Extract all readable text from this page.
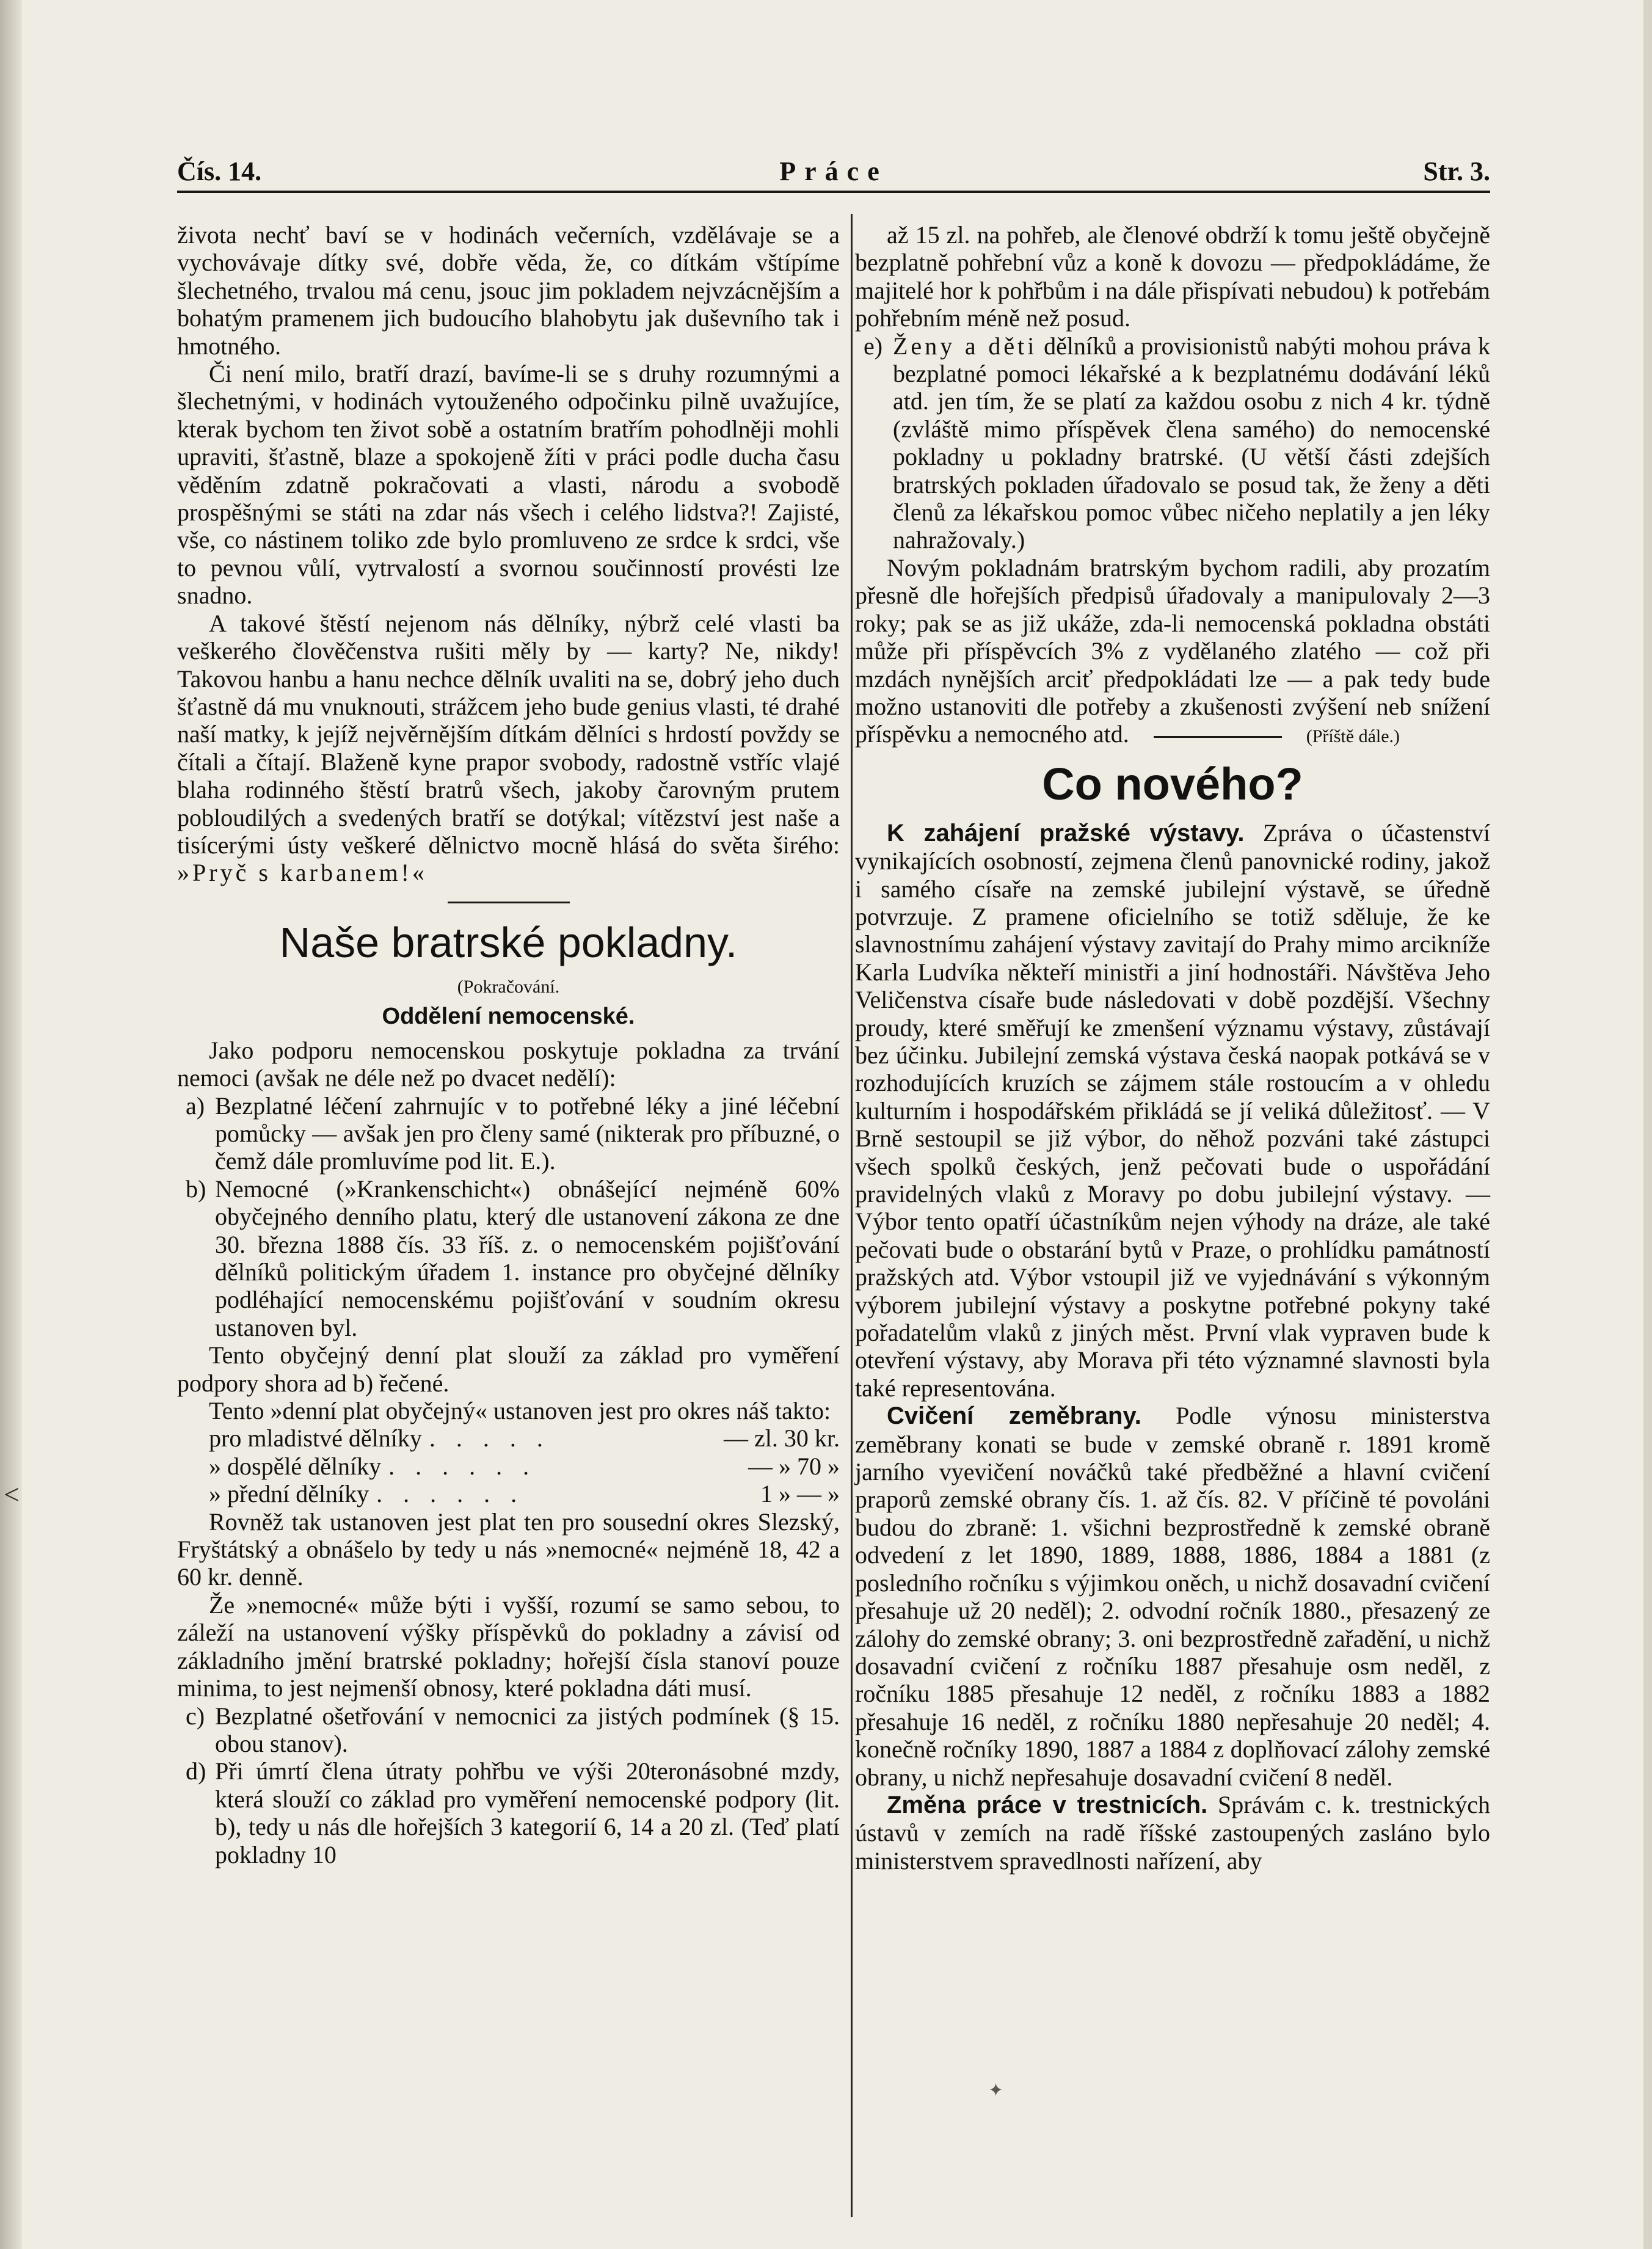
<
Čís. 14.	Práce	Str. 3.

života nechť baví se v hodinách večerních, vzdělávaje se a vychovávaje dítky své, dobře věda, že, co dítkám vštípíme šlechetného, trvalou má cenu, jsouc jim pokladem nejvzácnějším a bohatým pramenem jich budoucího blahobytu jak duševního tak i hmotného.

Či není milo, bratří drazí, bavíme-li se s druhy rozumnými a šlechetnými, v hodinách vytouženého odpočinku pilně uvažujíce, kterak bychom ten život sobě a ostatním bratřím pohodlněji mohli upraviti, šťastně, blaze a spokojeně žíti v práci podle ducha času věděním zdatně pokračovati a vlasti, národu a svobodě prospěšnými se státi na zdar nás všech i celého lidstva?! Zajisté, vše, co nástinem toliko zde bylo promluveno ze srdce k srdci, vše to pevnou vůlí, vytrvalostí a svornou součinností provésti lze snadno.

A takové štěstí nejenom nás dělníky, nýbrž celé vlasti ba veškerého člověčenstva rušiti měly by — karty? Ne, nikdy! Takovou hanbu a hanu nechce dělník uvaliti na se, dobrý jeho duch šťastně dá mu vnuknouti, strážcem jeho bude genius vlasti, té drahé naší matky, k jejíž nejvěrnějším dítkám dělníci s hrdostí povždy se čítali a čítají. Blaženě kyne prapor svobody, radostně vstříc vlajé blaha rodinného štěstí bratrů všech, jakoby čarovným prutem pobloudilých a svedených bratří se dotýkal; vítězství jest naše a tisícerými ústy veškeré dělnictvo mocně hlásá do světa širého: »Pryč s karbanem!«

Naše bratrské pokladny.

(Pokračování.

Oddělení nemocenské.

Jako podporu nemocenskou poskytuje pokladna za trvání nemoci (avšak ne déle než po dvacet nedělí):

a) Bezplatné léčení zahrnujíc v to potřebné léky a jiné léčební pomůcky — avšak jen pro členy samé (nikterak pro příbuzné, o čemž dále promluvíme pod lit. E.).
b) Nemocné (»Krankenschicht«) obnášející nejméně 60% obyčejného denního platu, který dle ustanovení zákona ze dne 30. března 1888 čís. 33 říš. z. o nemocenském pojišťování dělníků politickým úřadem 1. instance pro obyčejné dělníky podléhající nemocenskému pojišťování v soudním okresu ustanoven byl.

Tento obyčejný denní plat slouží za základ pro vyměření podpory shora ad b) řečené.

Tento »denní plat obyčejný« ustanoven jest pro okres náš takto:

pro mladistvé dělníky . . . . .	— zl. 30 kr.
» dospělé dělníky . . . . . .	— » 70 »
» přední dělníky . . . . . .	1 » — »

Rovněž tak ustanoven jest plat ten pro sousední okres Slezský, Fryštátský a obnášelo by tedy u nás »nemocné« nejméně 18, 42 a 60 kr. denně.

Že »nemocné« může býti i vyšší, rozumí se samo sebou, to záleží na ustanovení výšky příspěvků do pokladny a závisí od základního jmění bratrské pokladny; hořejší čísla stanoví pouze minima, to jest nejmenší obnosy, které pokladna dáti musí.

c) Bezplatné ošetřování v nemocnici za jistých podmínek (§ 15. obou stanov).
d) Při úmrtí člena útraty pohřbu ve výši 20teronásobné mzdy, která slouží co základ pro vyměření nemocenské podpory (lit. b), tedy u nás dle hořejších 3 kategorií 6, 14 a 20 zl. (Teď platí pokladny 10

až 15 zl. na pohřeb, ale členové obdrží k tomu ještě obyčejně bezplatně pohřební vůz a koně k dovozu — předpokládáme, že majitelé hor k pohřbům i na dále přispívati nebudou) k potřebám pohřebním méně než posud.

e) Ženy a děti dělníků a provisionistů nabýti mohou práva k bezplatné pomoci lékařské a k bezplatnému dodávání léků atd. jen tím, že se platí za každou osobu z nich 4 kr. týdně (zvláště mimo příspěvek člena samého) do nemocenské pokladny u pokladny bratrské. (U větší části zdejších bratrských pokladen úřadovalo se posud tak, že ženy a děti členů za lékařskou pomoc vůbec ničeho neplatily a jen léky nahražovaly.)

Novým pokladnám bratrským bychom radili, aby prozatím přesně dle hořejších předpisů úřadovaly a manipulovaly 2—3 roky; pak se as již ukáže, zda-li nemocenská pokladna obstáti může při příspěvcích 3% z vydělaného zlatého — což při mzdách nynějších arciť předpokládati lze — a pak tedy bude možno ustanoviti dle potřeby a zkušenosti zvýšení neb snížení příspěvku a nemocného atd.	(Příště dále.)

Co nového?

K zahájení pražské výstavy. Zpráva o účastenství vynikajících osobností, zejmena členů panovnické rodiny, jakož i samého císaře na zemské jubilejní výstavě, se úředně potvrzuje. Z pramene oficielního se totiž sděluje, že ke slavnostnímu zahájení výstavy zavitají do Prahy mimo arcikníže Karla Ludvíka někteří ministři a jiní hodnostáři. Návštěva Jeho Veličenstva císaře bude následovati v době pozdější. Všechny proudy, které směřují ke zmenšení významu výstavy, zůstávají bez účinku. Jubilejní zemská výstava česká naopak potkává se v rozhodujících kruzích se zájmem stále rostoucím a v ohledu kulturním i hospodářském přikládá se jí veliká důležitosť. — V Brně sestoupil se již výbor, do něhož pozváni také zástupci všech spolků českých, jenž pečovati bude o uspořádání pravidelných vlaků z Moravy po dobu jubilejní výstavy. — Výbor tento opatří účastníkům nejen výhody na dráze, ale také pečovati bude o obstarání bytů v Praze, o prohlídku památností pražských atd. Výbor vstoupil již ve vyjednávání s výkonným výborem jubilejní výstavy a poskytne potřebné pokyny také pořadatelům vlaků z jiných měst. První vlak vypraven bude k otevření výstavy, aby Morava při této významné slavnosti byla také representována.

Cvičení zeměbrany. Podle výnosu ministerstva zeměbrany konati se bude v zemské obraně r. 1891 kromě jarního vyevičení nováčků také předběžné a hlavní cvičení praporů zemské obrany čís. 1. až čís. 82. V příčině té povoláni budou do zbraně: 1. všichni bezprostředně k zemské obraně odvedení z let 1890, 1889, 1888, 1886, 1884 a 1881 (z posledního ročníku s výjimkou oněch, u nichž dosavadní cvičení přesahuje už 20 neděl); 2. odvodní ročník 1880., přesazený ze zálohy do zemské obrany; 3. oni bezprostředně zařadění, u nichž dosavadní cvičení z ročníku 1887 přesahuje osm neděl, z ročníku 1885 přesahuje 12 neděl, z ročníku 1883 a 1882 přesahuje 16 neděl, z ročníku 1880 nepřesahuje 20 neděl; 4. konečně ročníky 1890, 1887 a 1884 z doplňovací zálohy zemské obrany, u nichž nepřesahuje dosavadní cvičení 8 neděl.

Změna práce v trestnicích. Správám c. k. trestnických ústavů v zemích na radě říšské zastoupených zasláno bylo ministerstvem spravedlnosti nařízení, aby

✦
